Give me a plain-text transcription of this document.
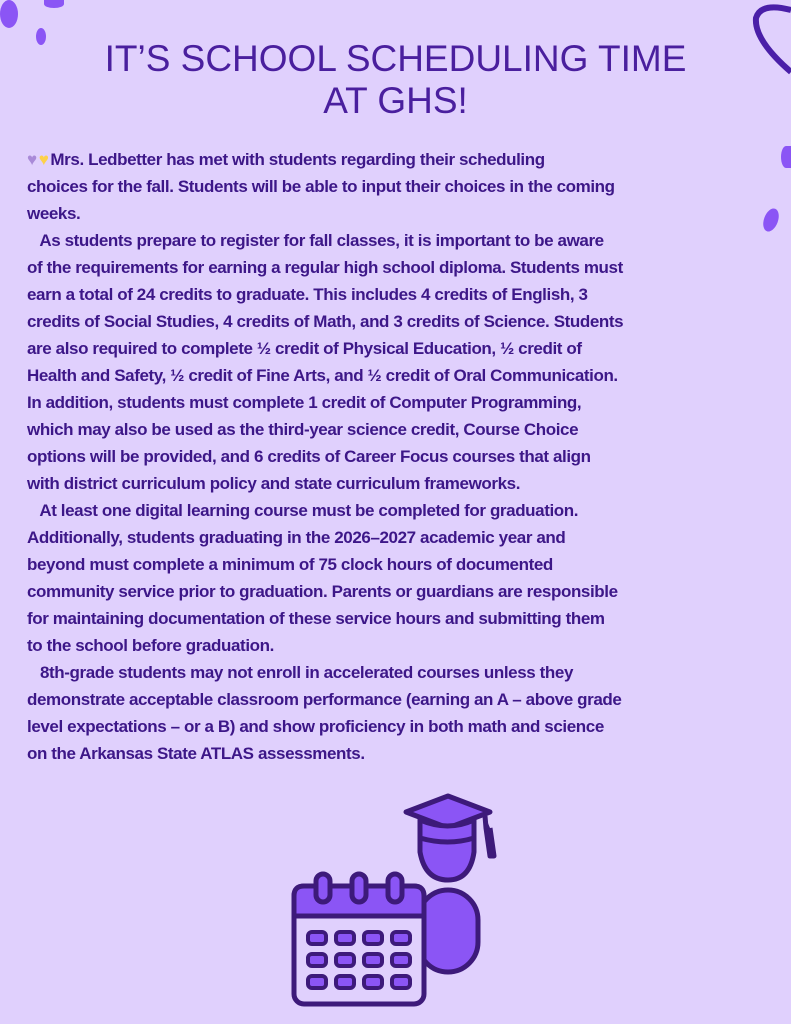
IT’S SCHOOL SCHEDULING TIME
AT GHS!
♥ ♥ Mrs. Ledbetter has met with students regarding their scheduling
choices for the fall. Students will be able to input their choices in the coming
weeks.
As students prepare to register for fall classes, it is important to be aware
of the requirements for earning a regular high school diploma. Students must
earn a total of 24 credits to graduate. This includes 4 credits of English, 3
credits of Social Studies, 4 credits of Math, and 3 credits of Science. Students
are also required to complete ½ credit of Physical Education, ½ credit of
Health and Safety, ½ credit of Fine Arts, and ½ credit of Oral Communication.
In addition, students must complete 1 credit of Computer Programming,
which may also be used as the third-year science credit, Course Choice
options will be provided, and 6 credits of Career Focus courses that align
with district curriculum policy and state curriculum frameworks.
At least one digital learning course must be completed for graduation.
Additionally, students graduating in the 2026–2027 academic year and
beyond must complete a minimum of 75 clock hours of documented
community service prior to graduation. Parents or guardians are responsible
for maintaining documentation of these service hours and submitting them
to the school before graduation.
8th-grade students may not enroll in accelerated courses unless they
demonstrate acceptable classroom performance (earning an A – above grade
level expectations – or a B) and show proficiency in both math and science
on the Arkansas State ATLAS assessments.
